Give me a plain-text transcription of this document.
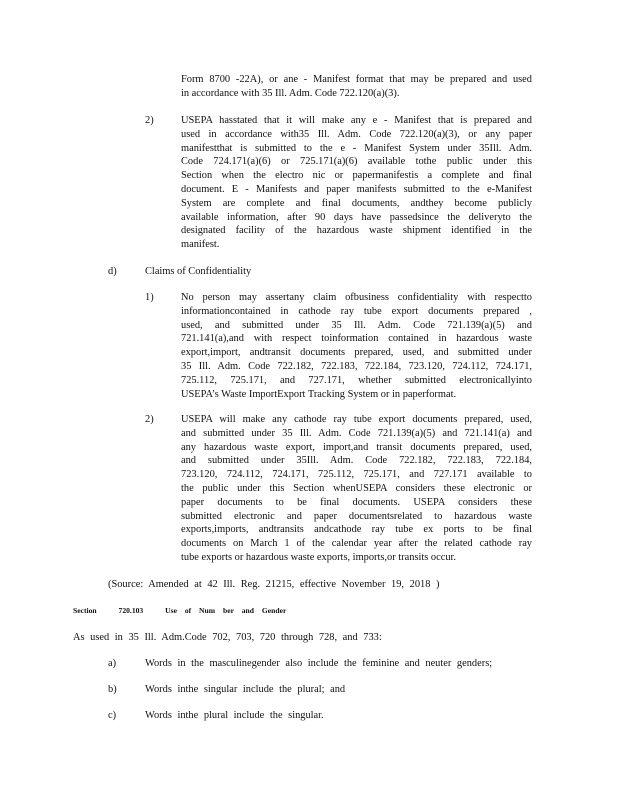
Form 8700 -22A), or ane - Manifest format that may be prepared and used
in accordance with 35 Ill. Adm. Code 722.120(a)(3).
2)	USEPA hasstated that it will make any e - Manifest that is prepared and
used in accordance with35 Ill. Adm. Code 722.120(a)(3), or any paper
manifestthat is submitted to the e - Manifest System under 35Ill. Adm.
Code 724.171(a)(6) or 725.171(a)(6) available tothe public under this
Section when the electro nic or papermanifestis a complete and final
document. E - Manifests and paper manifests submitted to the e-Manifest
System are complete and final documents, andthey become publicly
available information, after 90 days have passedsince the deliveryto the
designated facility of the hazardous waste shipment identified in the
manifest.
d)	Claims of Confidentiality
1)	No person may assertany claim ofbusiness confidentiality with respectto
informationcontained in cathode ray tube export documents prepared ,
used, and submitted under 35 Ill. Adm. Code 721.139(a)(5) and
721.141(a),and with respect toinformation contained in hazardous waste
export,import, andtransit documents prepared, used, and submitted under
35 Ill. Adm. Code 722.182, 722.183, 722.184, 723.120, 724.112, 724.171,
725.112, 725.171, and 727.171, whether submitted electronicallyinto
USEPA’s Waste ImportExport Tracking System or in paperformat.
2)	USEPA will make any cathode ray tube export documents prepared, used,
and submitted under 35 Ill. Adm. Code 721.139(a)(5) and 721.141(a) and
any hazardous waste export, import,and transit documents prepared, used,
and submitted under 35Ill. Adm. Code 722.182, 722.183, 722.184,
723.120, 724.112, 724.171, 725.112, 725.171, and 727.171 available to
the public under this Section whenUSEPA considers these electronic or
paper documents to be final documents. USEPA considers these
submitted electronic and paper documentsrelated to hazardous waste
exports,imports, andtransits andcathode ray tube ex ports to be final
documents on March 1 of the calendar year after the related cathode ray
tube exports or hazardous waste exports, imports,or transits occur.
(Source: Amended at 42 Ill. Reg. 21215, effective November 19, 2018 )
Section	720.103	Use of Num ber and Gender
As used in 35 Ill. Adm.Code 702, 703, 720 through 728, and 733:
a)	Words in the masculinegender also include the feminine and neuter genders;
b)	Words inthe singular include the plural; and
c)	Words inthe plural include the singular.
